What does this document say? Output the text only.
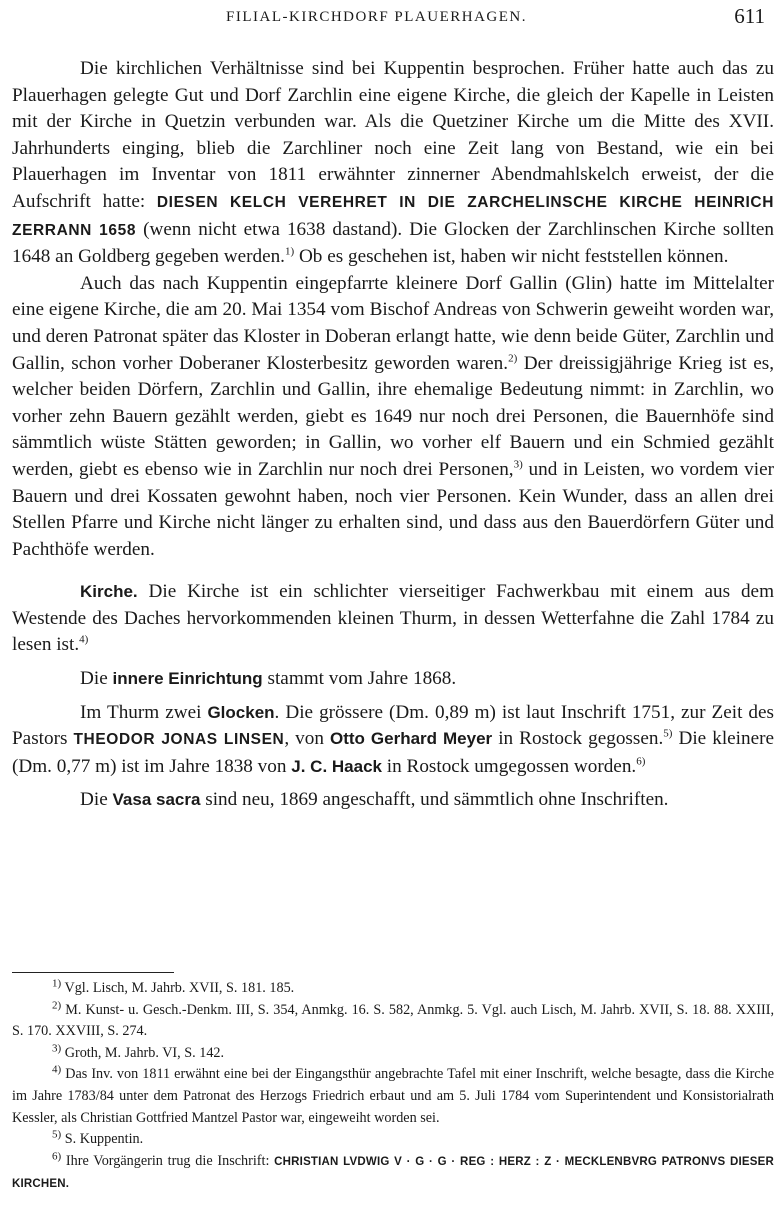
FILIAL-KIRCHDORF PLAUERHAGEN.	611

Die kirchlichen Verhältnisse sind bei Kuppentin besprochen. Früher hatte auch das zu Plauerhagen gelegte Gut und Dorf Zarchlin eine eigene Kirche, die gleich der Kapelle in Leisten mit der Kirche in Quetzin verbunden war. Als die Quetziner Kirche um die Mitte des XVII. Jahrhunderts einging, blieb die Zarchliner noch eine Zeit lang von Bestand, wie ein bei Plauerhagen im Inventar von 1811 erwähnter zinnerner Abendmahlskelch erweist, der die Aufschrift hatte: DIESEN KELCH VEREHRET IN DIE ZARCHELINSCHE KIRCHE HEINRICH ZERRANN 1658 (wenn nicht etwa 1638 dastand). Die Glocken der Zarchlinschen Kirche sollten 1648 an Goldberg gegeben werden.$^{1)}$ Ob es geschehen ist, haben wir nicht feststellen können.

Auch das nach Kuppentin eingepfarrte kleinere Dorf Gallin (Glin) hatte im Mittelalter eine eigene Kirche, die am 20. Mai 1354 vom Bischof Andreas von Schwerin geweiht worden war, und deren Patronat später das Kloster in Doberan erlangt hatte, wie denn beide Güter, Zarchlin und Gallin, schon vorher Doberaner Klosterbesitz geworden waren.$^{2)}$ Der dreissigjährige Krieg ist es, welcher beiden Dörfern, Zarchlin und Gallin, ihre ehemalige Bedeutung nimmt: in Zarchlin, wo vorher zehn Bauern gezählt werden, giebt es 1649 nur noch drei Personen, die Bauernhöfe sind sämmtlich wüste Stätten geworden; in Gallin, wo vorher elf Bauern und ein Schmied gezählt werden, giebt es ebenso wie in Zarchlin nur noch drei Personen,$^{3)}$ und in Leisten, wo vordem vier Bauern und drei Kossaten gewohnt haben, noch vier Personen. Kein Wunder, dass an allen drei Stellen Pfarre und Kirche nicht länger zu erhalten sind, und dass aus den Bauerdörfern Güter und Pachthöfe werden.

Kirche. Die Kirche ist ein schlichter vierseitiger Fachwerkbau mit einem aus dem Westende des Daches hervorkommenden kleinen Thurm, in dessen Wetterfahne die Zahl 1784 zu lesen ist.$^{4)}$

Die innere Einrichtung stammt vom Jahre 1868.

Im Thurm zwei Glocken. Die grössere (Dm. 0,89 m) ist laut Inschrift 1751, zur Zeit des Pastors THEODOR JONAS LINSEN, von Otto Gerhard Meyer in Rostock gegossen.$^{5)}$ Die kleinere (Dm. 0,77 m) ist im Jahre 1838 von J. C. Haack in Rostock umgegossen worden.$^{6)}$

Die Vasa sacra sind neu, 1869 angeschafft, und sämmtlich ohne Inschriften.

$^{1)}$ Vgl. Lisch, M. Jahrb. XVII, S. 181. 185.

$^{2)}$ M. Kunst- u. Gesch.-Denkm. III, S. 354, Anmkg. 16. S. 582, Anmkg. 5. Vgl. auch Lisch, M. Jahrb. XVII, S. 18. 88. XXIII, S. 170. XXVIII, S. 274.

$^{3)}$ Groth, M. Jahrb. VI, S. 142.

$^{4)}$ Das Inv. von 1811 erwähnt eine bei der Eingangsthür angebrachte Tafel mit einer Inschrift, welche besagte, dass die Kirche im Jahre 1783/84 unter dem Patronat des Herzogs Friedrich erbaut und am 5. Juli 1784 vom Superintendent und Konsistorialrath Kessler, als Christian Gottfried Mantzel Pastor war, eingeweiht worden sei.

$^{5)}$ S. Kuppentin.

$^{6)}$ Ihre Vorgängerin trug die Inschrift: CHRISTIAN LVDWIG V · G · G · REG : HERZ : Z · MECKLENBVRG PATRONVS DIESER KIRCHEN.
